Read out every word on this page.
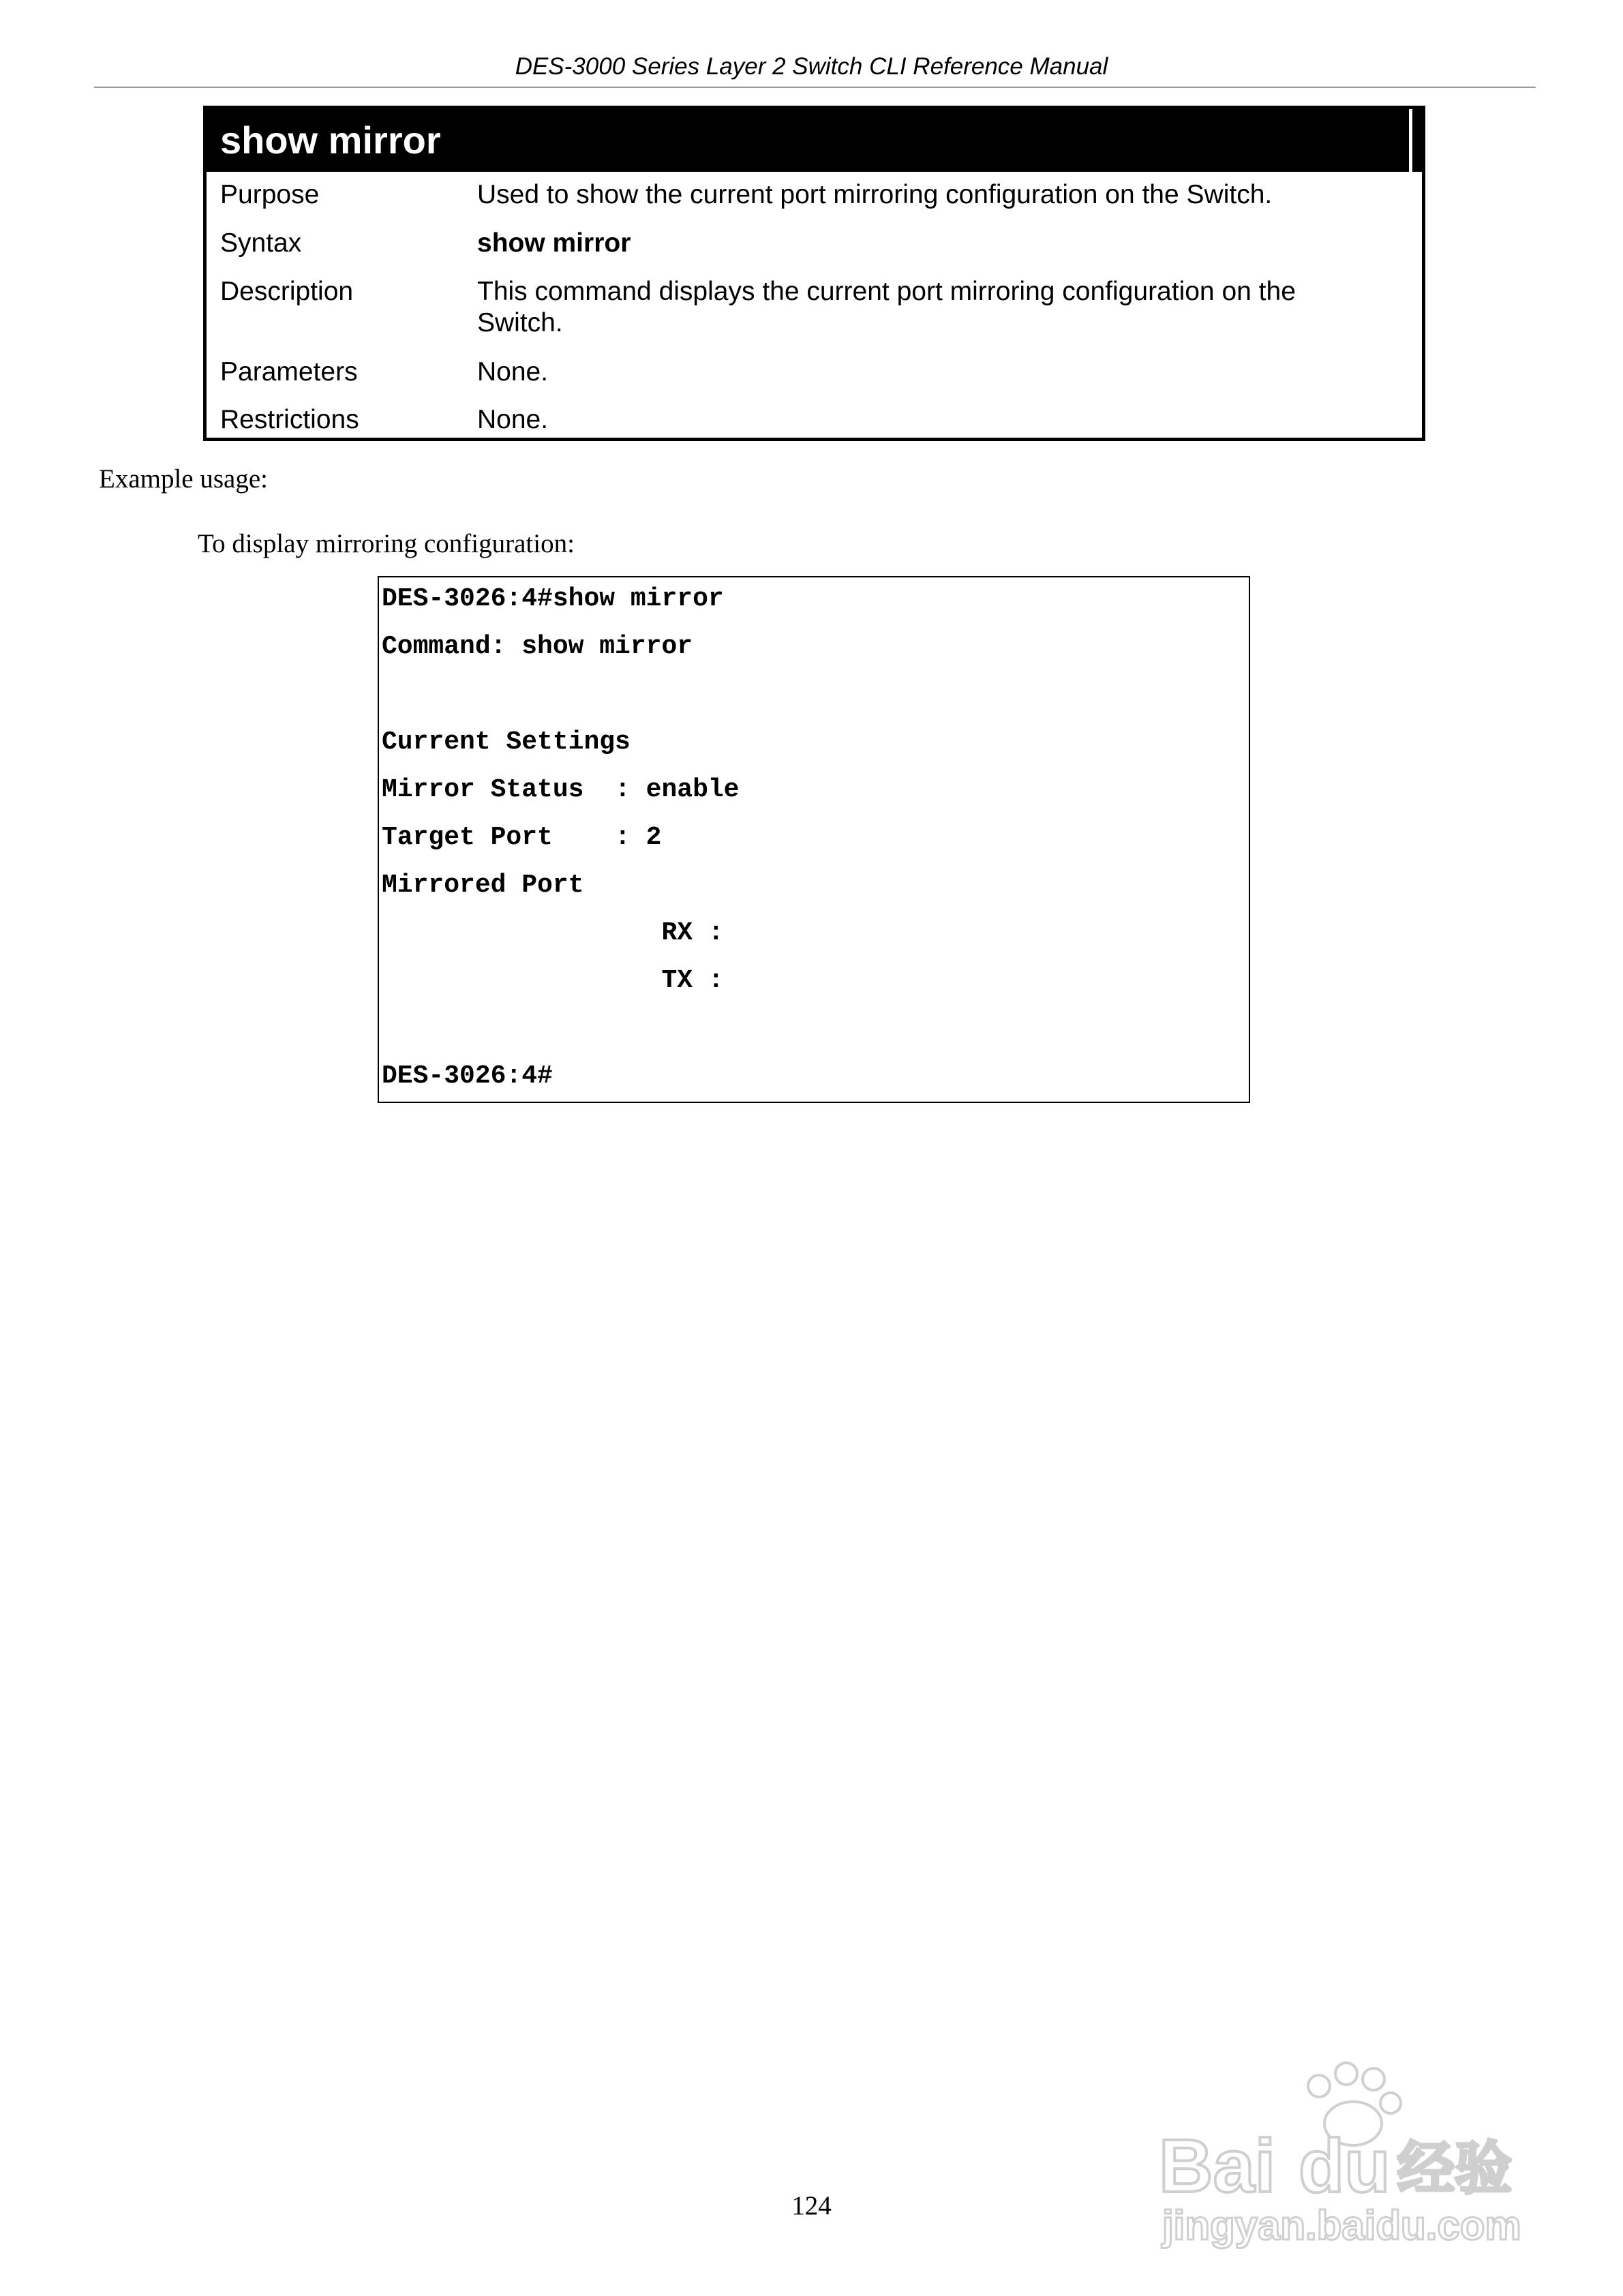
DES-3000 Series Layer 2 Switch CLI Reference Manual
show mirror
Purpose	Used to show the current port mirroring configuration on the Switch.
Syntax	show mirror
Description	This command displays the current port mirroring configuration on the Switch.
Parameters	None.
Restrictions	None.
Example usage:
To display mirroring configuration:
DES-3026:4#show mirror
Command: show mirror
Current Settings
Mirror Status  : enable
Target Port    : 2
Mirrored Port
RX :
TX :
DES-3026:4#
124	Bai du 经验
jingyan.baidu.com
